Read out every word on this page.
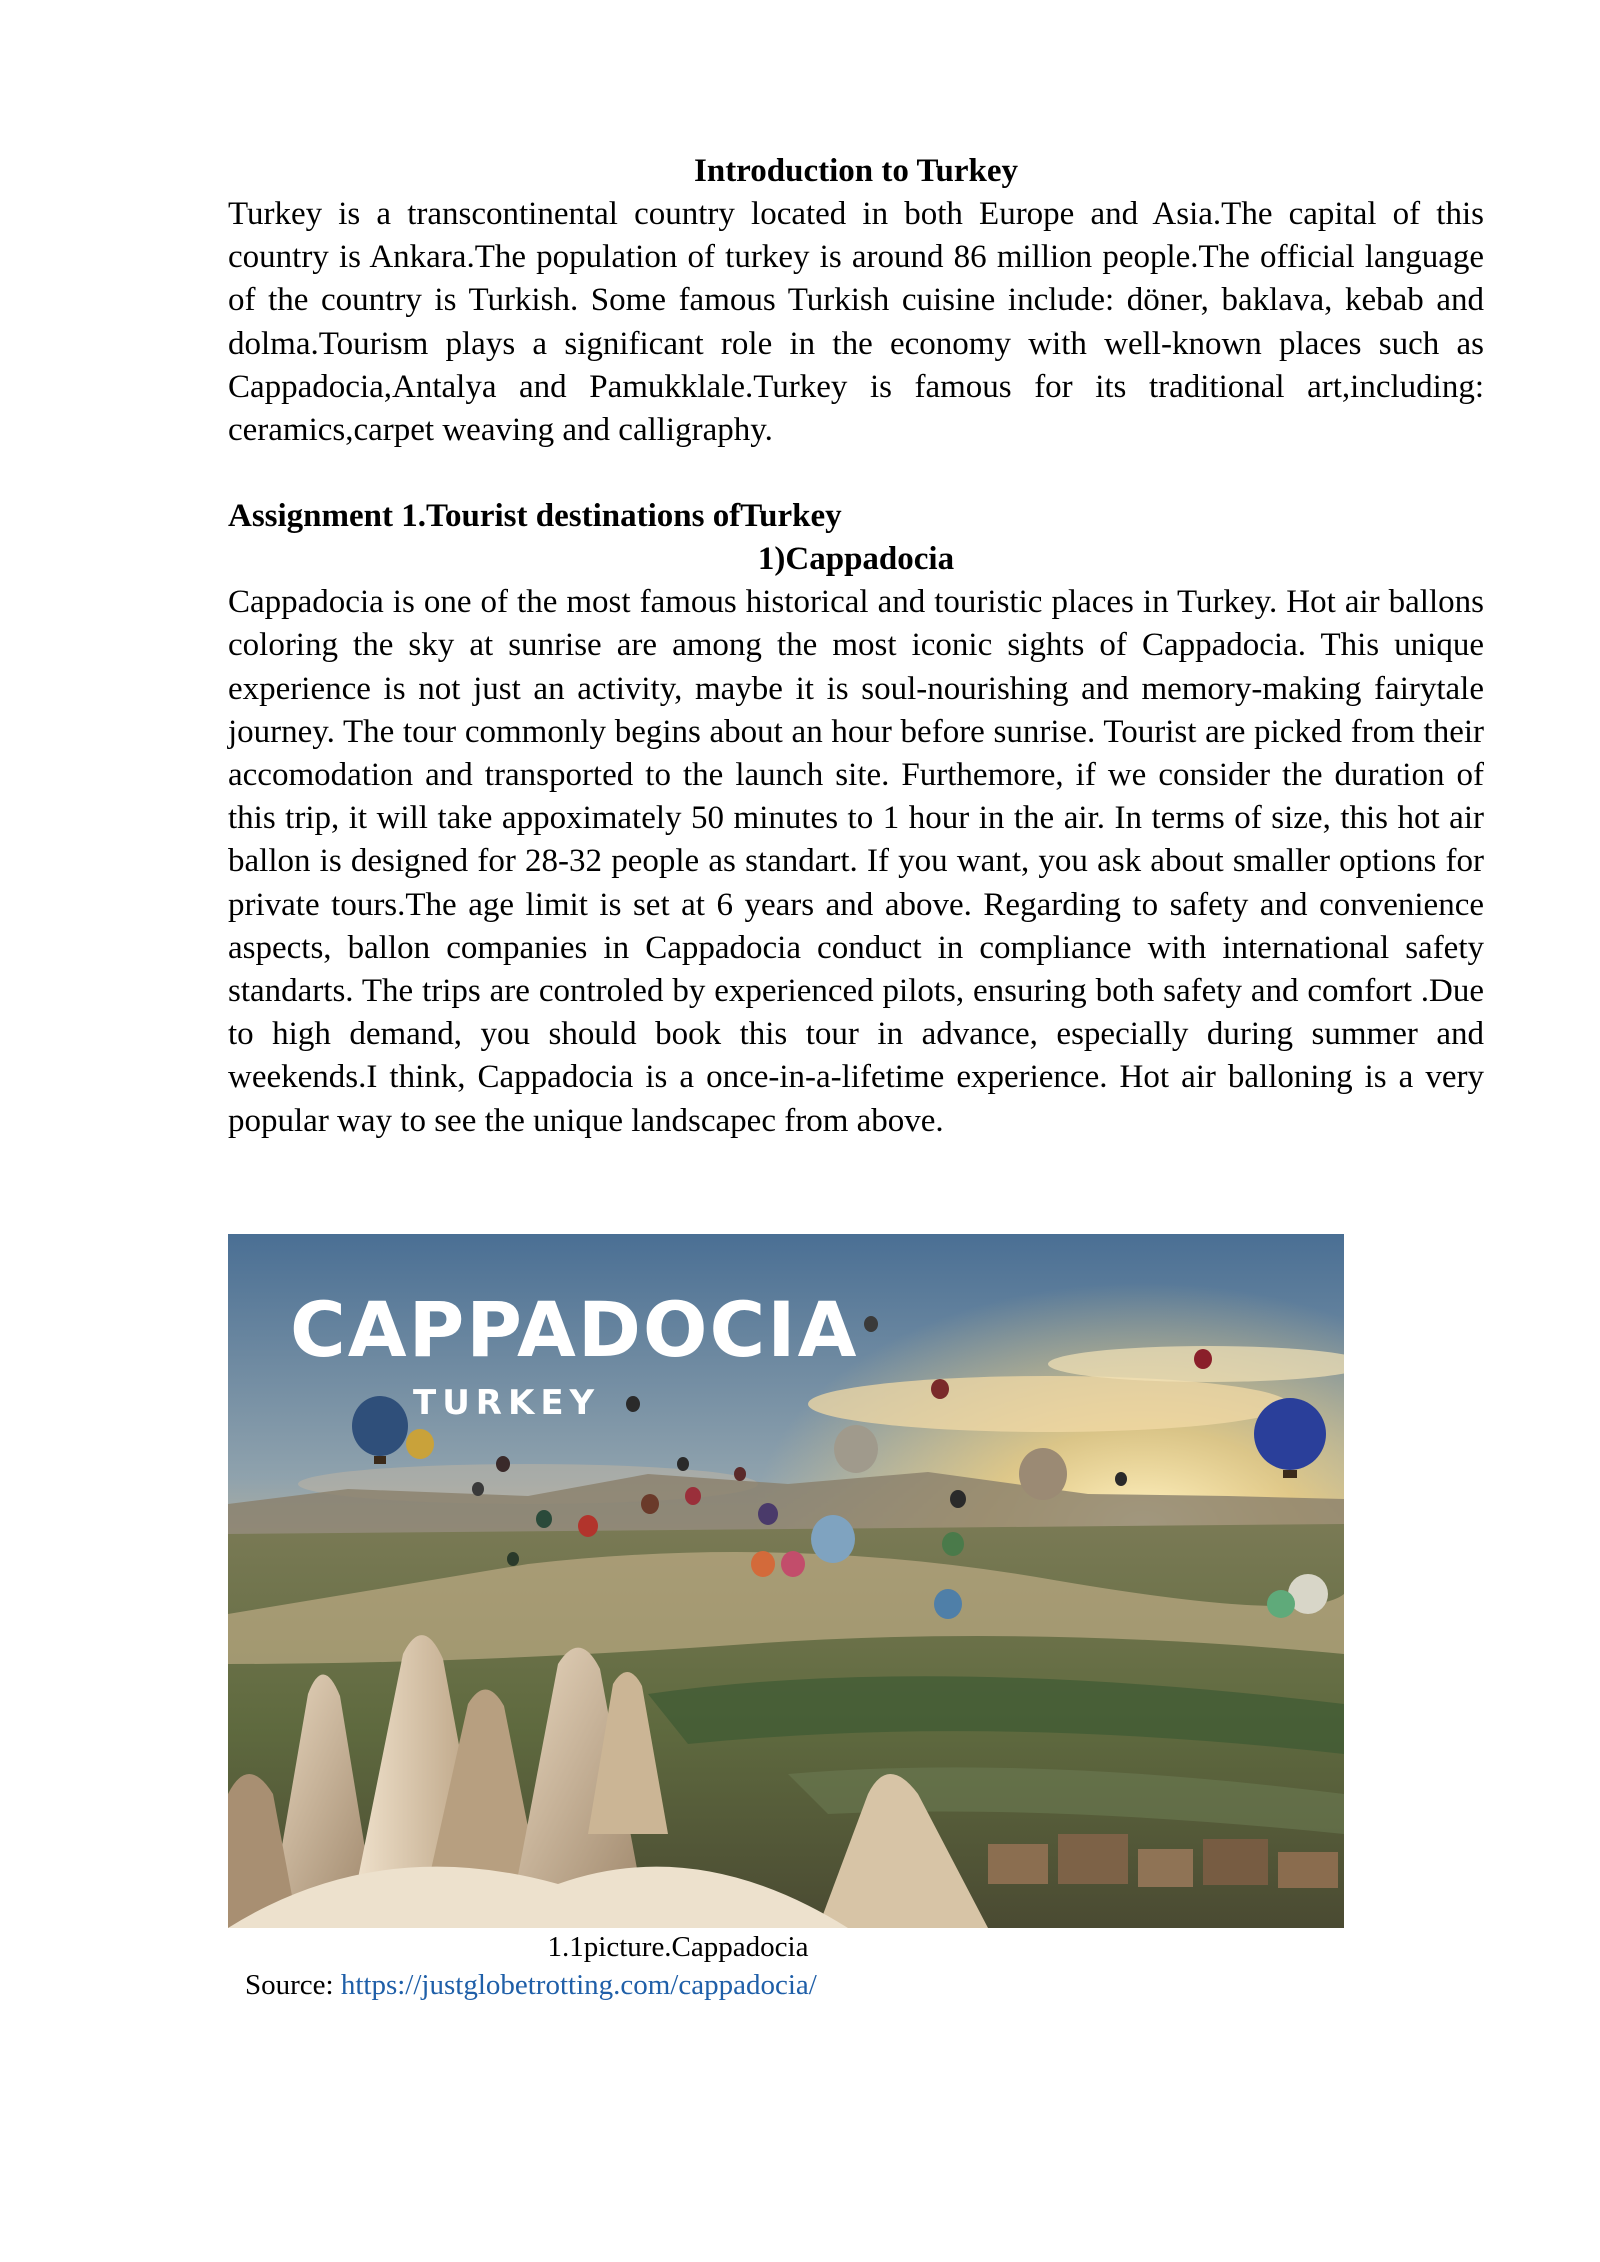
Introduction to Turkey

Turkey is a transcontinental country located in both Europe and Asia.The capital of this country is Ankara.The population of turkey is around 86 million people.The official language of the country is Turkish. Some famous Turkish cuisine include: döner, baklava, kebab and dolma.Tourism plays a significant role in the economy with well-known places such as Cappadocia,Antalya and Pamukklale.Turkey is famous for its traditional art,including: ceramics,carpet weaving and calligraphy.

Assignment 1.Tourist destinations ofTurkey

1)Cappadocia

Cappadocia is one of the most famous historical and touristic places in Turkey. Hot air ballons coloring the sky at sunrise are among the most iconic sights of Cappadocia. This unique experience is not just an activity, maybe it is soul-nourishing and memory-making fairytale journey. The tour commonly begins about an hour before sunrise. Tourist are picked from their accomodation and transported to the launch site. Furthemore, if we consider the duration of this trip, it will take appoximately 50 minutes to 1 hour in the air. In terms of size, this hot air ballon is designed for 28-32 people as standart. If you want, you ask about smaller options for private tours.The age limit is set at 6 years and above. Regarding to safety and convenience aspects, ballon companies in Cappadocia conduct in compliance with international safety standarts. The trips are controled by experienced pilots, ensuring both safety and comfort .Due to high demand, you should book this tour in advance, especially during summer and weekends.I think, Cappadocia is a once-in-a-lifetime experience. Hot air balloning is a very popular way to see the unique landscapec from above.

CAPPADOCIA
TURKEY
1.1picture.Cappadocia
Source: https://justglobetrotting.com/cappadocia/
